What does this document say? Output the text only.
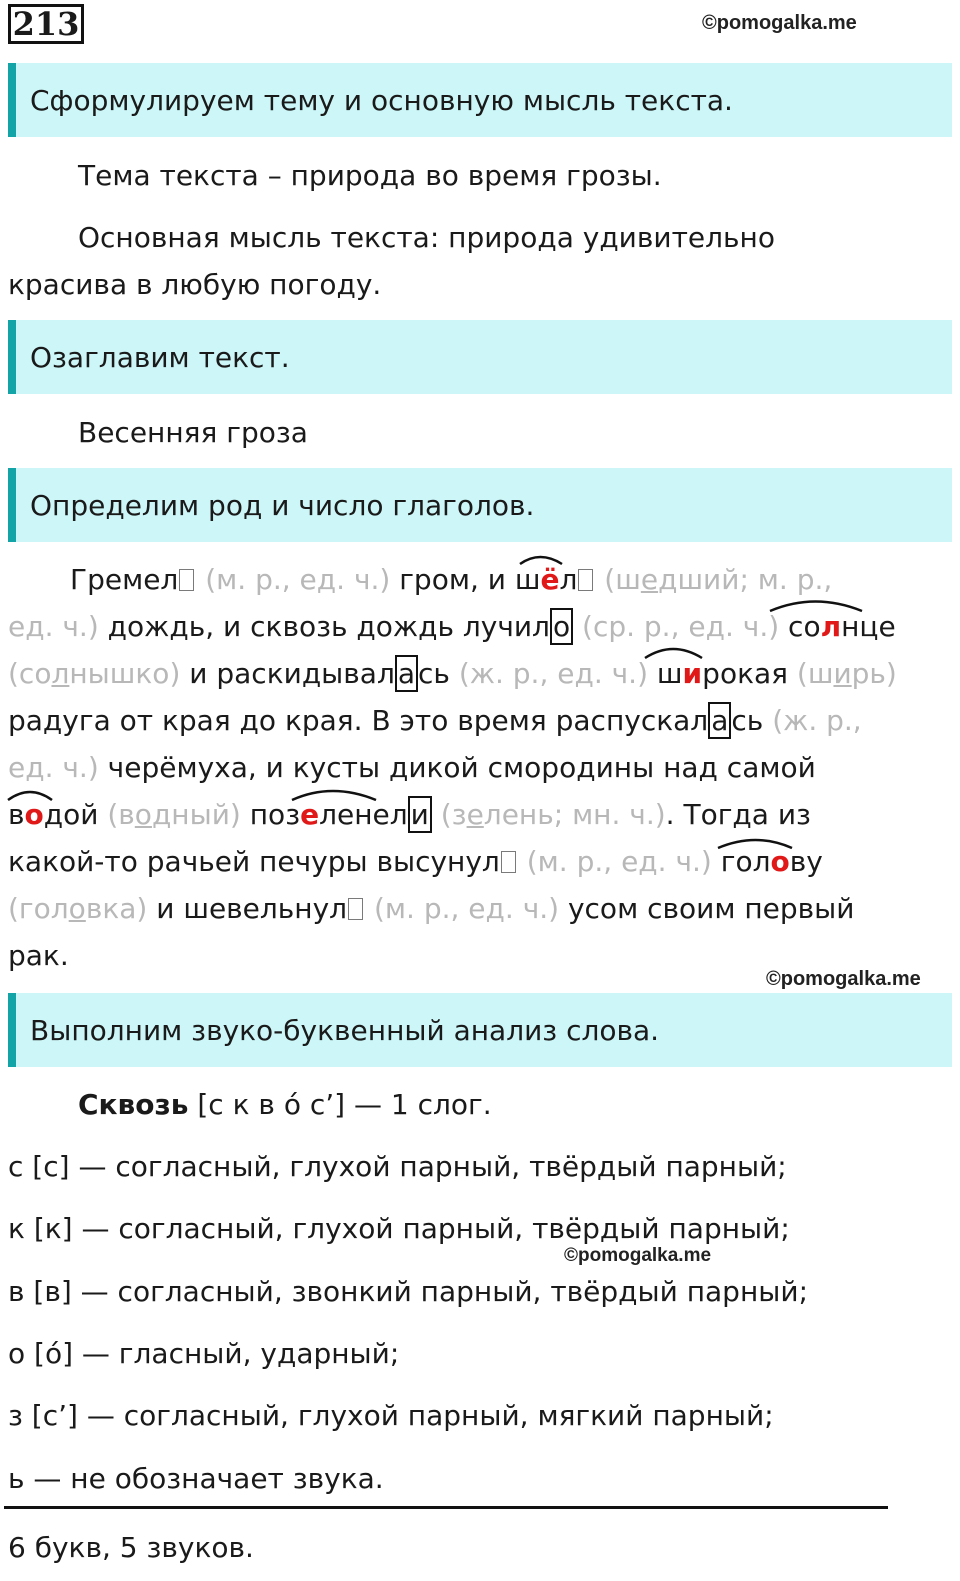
213	©pomogalka.me
Сформулируем тему и основную мысль текста.
Тема текста – природа во время грозы.
Основная мысль текста: природа удивительно
красива в любую погоду.
Озаглавим текст.
Весенняя гроза
Определим род и число глаголов.
Гремел (м. р., ед. ч.) гром, и шёл (шедший; м. р.,
ед. ч.) дождь, и сквозь дождь лучил о (ср. р., ед. ч.) солнце
(солнышко) и раскидывал а сь (ж. р., ед. ч.) широкая (ширь)
радуга от края до края. В это время распускал а сь (ж. р.,
ед. ч.) черёмуха, и кусты дикой смородины над самой
водой (водный) позеленел и (зелень; мн. ч.). Тогда из
какой-то рачьей печуры высунул (м. р., ед. ч.) голову
(головка) и шевельнул (м. р., ед. ч.) усом своим первый
рак.
©pomogalka.me
Выполним звуко-буквенный анализ слова.
Сквозь [с к в о́ с’] — 1 слог.
с [с] — согласный, глухой парный, твёрдый парный;
к [к] — согласный, глухой парный, твёрдый парный;
©pomogalka.me
в [в] — согласный, звонкий парный, твёрдый парный;
о [о́] — гласный, ударный;
з [с’] — согласный, глухой парный, мягкий парный;
ь — не обозначает звука.
6 букв, 5 звуков.
